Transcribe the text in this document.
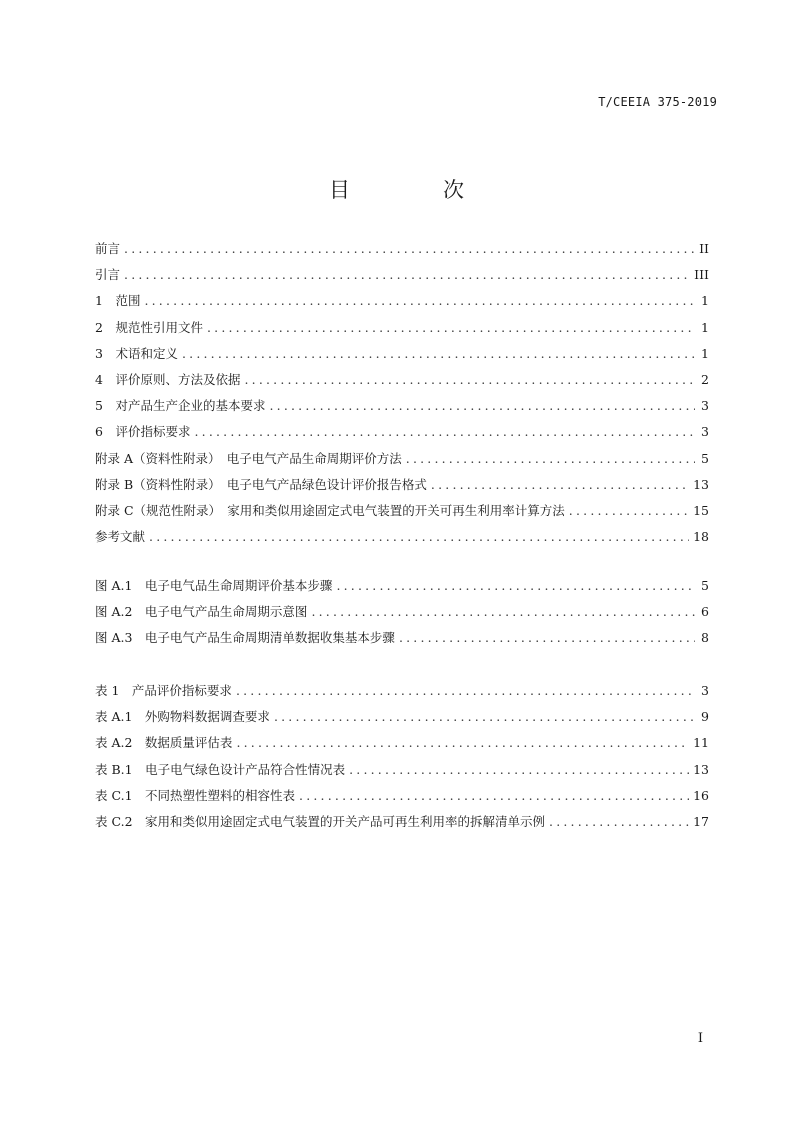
T/CEEIA 375-2019
目　次
前言 .....	II
引言 .....	III
1　范围 .....	1
2　规范性引用文件 .....	1
3　术语和定义 .....	1
4　评价原则、方法及依据 .....	2
5　对产品生产企业的基本要求 .....	3
6　评价指标要求 .....	3
附录 A（资料性附录）　电子电气产品生命周期评价方法 .....	5
附录 B（资料性附录）　电子电气产品绿色设计评价报告格式 .....	13
附录 C（规范性附录）　家用和类似用途固定式电气装置的开关可再生利用率计算方法 .....	15
参考文献 .....	18
图 A.1　电子电气品生命周期评价基本步骤 .....	5
图 A.2　电子电气产品生命周期示意图 .....	6
图 A.3　电子电气产品生命周期清单数据收集基本步骤 .....	8
表 1　产品评价指标要求 .....	3
表 A.1　外购物料数据调查要求 .....	9
表 A.2　数据质量评估表 .....	11
表 B.1　电子电气绿色设计产品符合性情况表 .....	13
表 C.1　不同热塑性塑料的相容性表 .....	16
表 C.2　家用和类似用途固定式电气装置的开关产品可再生利用率的拆解清单示例 .....	17
I
